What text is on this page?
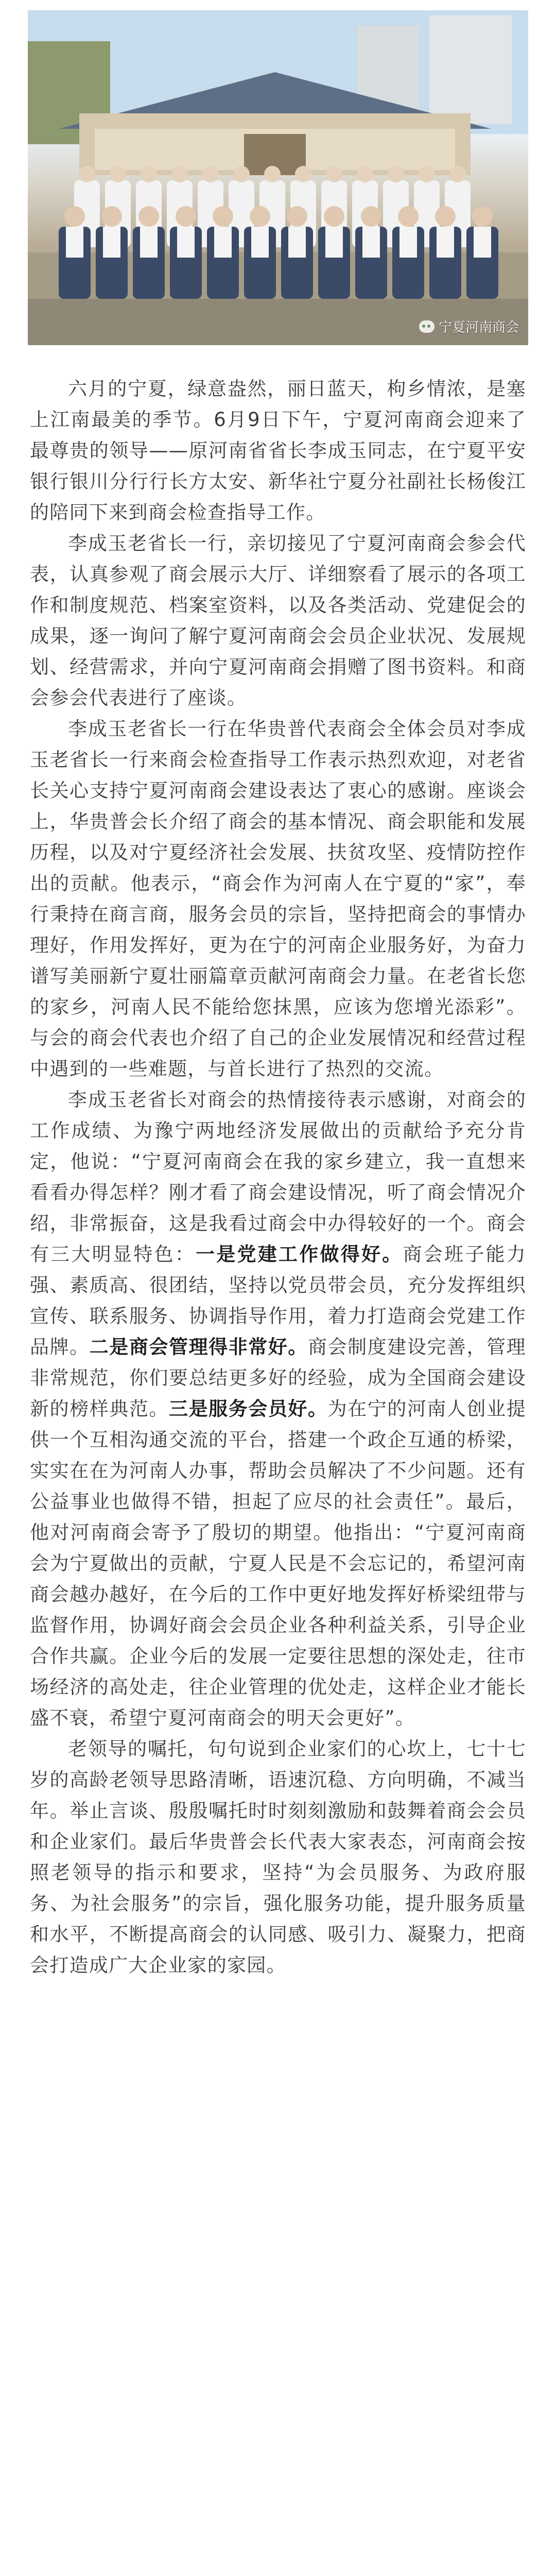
宁夏河南商会

六月的宁夏，绿意盎然，丽日蓝天，枸乡情浓，是塞上江南最美的季节。6月9日下午，宁夏河南商会迎来了最尊贵的领导——原河南省省长李成玉同志，在宁夏平安银行银川分行行长方太安、新华社宁夏分社副社长杨俊江的陪同下来到商会检查指导工作。

李成玉老省长一行，亲切接见了宁夏河南商会参会代表，认真参观了商会展示大厅、详细察看了展示的各项工作和制度规范、档案室资料，以及各类活动、党建促会的成果，逐一询问了解宁夏河南商会会员企业状况、发展规划、经营需求，并向宁夏河南商会捐赠了图书资料。和商会参会代表进行了座谈。

李成玉老省长一行在华贵普代表商会全体会员对李成玉老省长一行来商会检查指导工作表示热烈欢迎，对老省长关心支持宁夏河南商会建设表达了衷心的感谢。座谈会上，华贵普会长介绍了商会的基本情况、商会职能和发展历程，以及对宁夏经济社会发展、扶贫攻坚、疫情防控作出的贡献。他表示，“商会作为河南人在宁夏的“家”，奉行秉持在商言商，服务会员的宗旨，坚持把商会的事情办理好，作用发挥好，更为在宁的河南企业服务好，为奋力谱写美丽新宁夏壮丽篇章贡献河南商会力量。在老省长您的家乡，河南人民不能给您抹黑，应该为您增光添彩”。与会的商会代表也介绍了自己的企业发展情况和经营过程中遇到的一些难题，与首长进行了热烈的交流。

李成玉老省长对商会的热情接待表示感谢，对商会的工作成绩、为豫宁两地经济发展做出的贡献给予充分肯定，他说：“宁夏河南商会在我的家乡建立，我一直想来看看办得怎样？刚才看了商会建设情况，听了商会情况介绍，非常振奋，这是我看过商会中办得较好的一个。商会有三大明显特色：一是党建工作做得好。商会班子能力强、素质高、很团结，坚持以党员带会员，充分发挥组织宣传、联系服务、协调指导作用，着力打造商会党建工作品牌。二是商会管理得非常好。商会制度建设完善，管理非常规范，你们要总结更多好的经验，成为全国商会建设新的榜样典范。三是服务会员好。为在宁的河南人创业提供一个互相沟通交流的平台，搭建一个政企互通的桥梁，实实在在为河南人办事，帮助会员解决了不少问题。还有公益事业也做得不错，担起了应尽的社会责任”。最后，他对河南商会寄予了殷切的期望。他指出：“宁夏河南商会为宁夏做出的贡献，宁夏人民是不会忘记的，希望河南商会越办越好，在今后的工作中更好地发挥好桥梁纽带与监督作用，协调好商会会员企业各种利益关系，引导企业合作共赢。企业今后的发展一定要往思想的深处走，往市场经济的高处走，往企业管理的优处走，这样企业才能长盛不衰，希望宁夏河南商会的明天会更好”。

老领导的嘱托，句句说到企业家们的心坎上，七十七岁的高龄老领导思路清晰，语速沉稳、方向明确，不减当年。举止言谈、殷殷嘱托时时刻刻激励和鼓舞着商会会员和企业家们。最后华贵普会长代表大家表态，河南商会按照老领导的指示和要求，坚持“为会员服务、为政府服务、为社会服务”的宗旨，强化服务功能，提升服务质量和水平，不断提高商会的认同感、吸引力、凝聚力，把商会打造成广大企业家的家园。
